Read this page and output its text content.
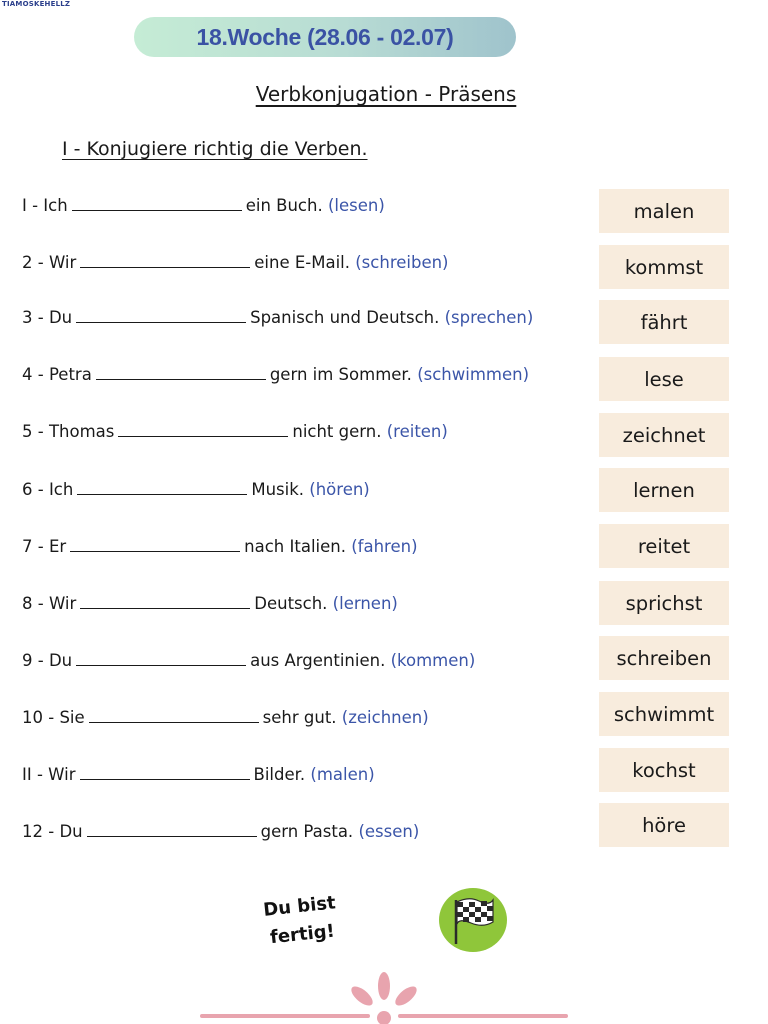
TIAMOSKEHELLZ
18.Woche (28.06 - 02.07)
Verbkonjugation - Präsens
I - Konjugiere richtig die Verben.
I - Ich	ein Buch. (lesen)
2 - Wir	eine E-Mail. (schreiben)
3 - Du	Spanisch und Deutsch. (sprechen)
4 - Petra	gern im Sommer. (schwimmen)
5 - Thomas	nicht gern. (reiten)
6 - Ich	Musik. (hören)
7 - Er	nach Italien. (fahren)
8 - Wir	Deutsch. (lernen)
9 - Du	aus Argentinien. (kommen)
10 - Sie	sehr gut. (zeichnen)
II - Wir	Bilder. (malen)
12 - Du	gern Pasta. (essen)
malen
kommst
fährt
lese
zeichnet
lernen
reitet
sprichst
schreiben
schwimmt
kochst
höre
Du bist
fertig!
